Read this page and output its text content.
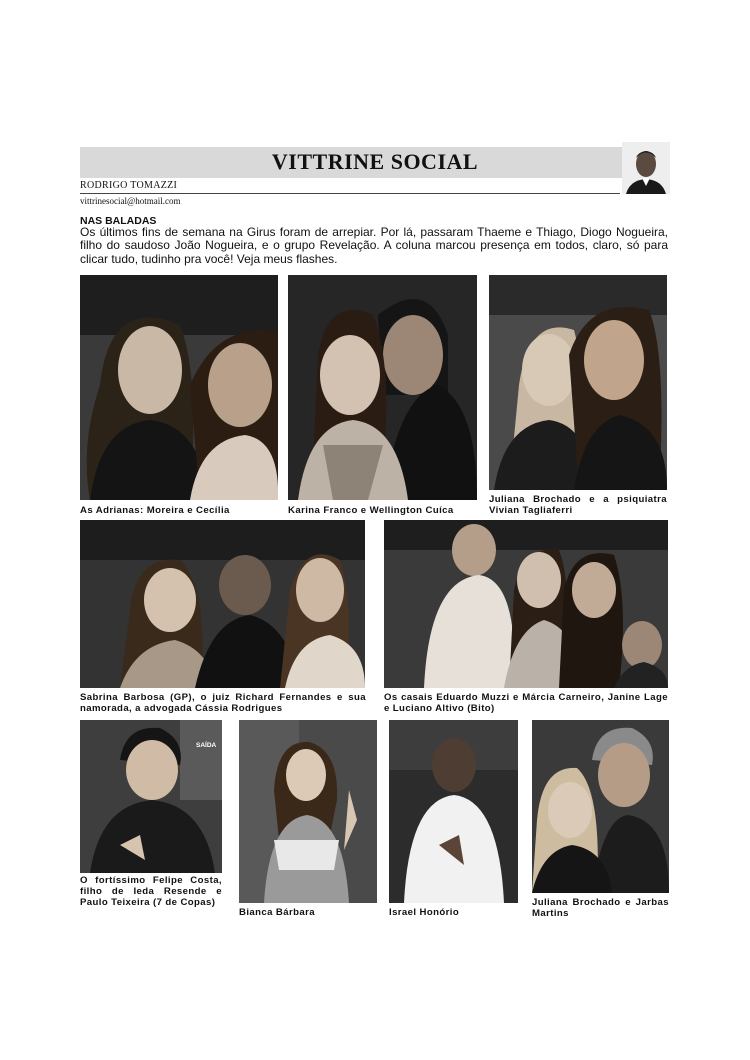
VITTRINE SOCIAL
RODRIGO TOMAZZI
vittrinesocial@hotmail.com
NAS BALADAS
Os últimos fins de semana na Girus foram de arrepiar. Por lá, passaram Thaeme e Thiago, Diogo Nogueira, filho do saudoso João Nogueira, e o grupo Revelação. A coluna marcou presença em todos, claro, só para clicar tudo, tudinho pra você! Veja meus flashes.
As Adrianas: Moreira e Cecília	Karina Franco e Wellington Cuíca
Juliana Brochado e a psiquiatra Vivian Tagliaferri
Sabrina Barbosa (GP), o juiz Richard Fernandes e sua namorada, a advogada Cássia Rodrigues
Os casais Eduardo Muzzi e Márcia Carneiro, Janine Lage e Luciano Altivo (Bito)
SAÍDA
O fortíssimo Felipe Costa, filho de Ieda Resende e Paulo Teixeira (7 de Copas)
Bianca Bárbara	Israel Honório
Juliana Brochado e Jarbas Martins
